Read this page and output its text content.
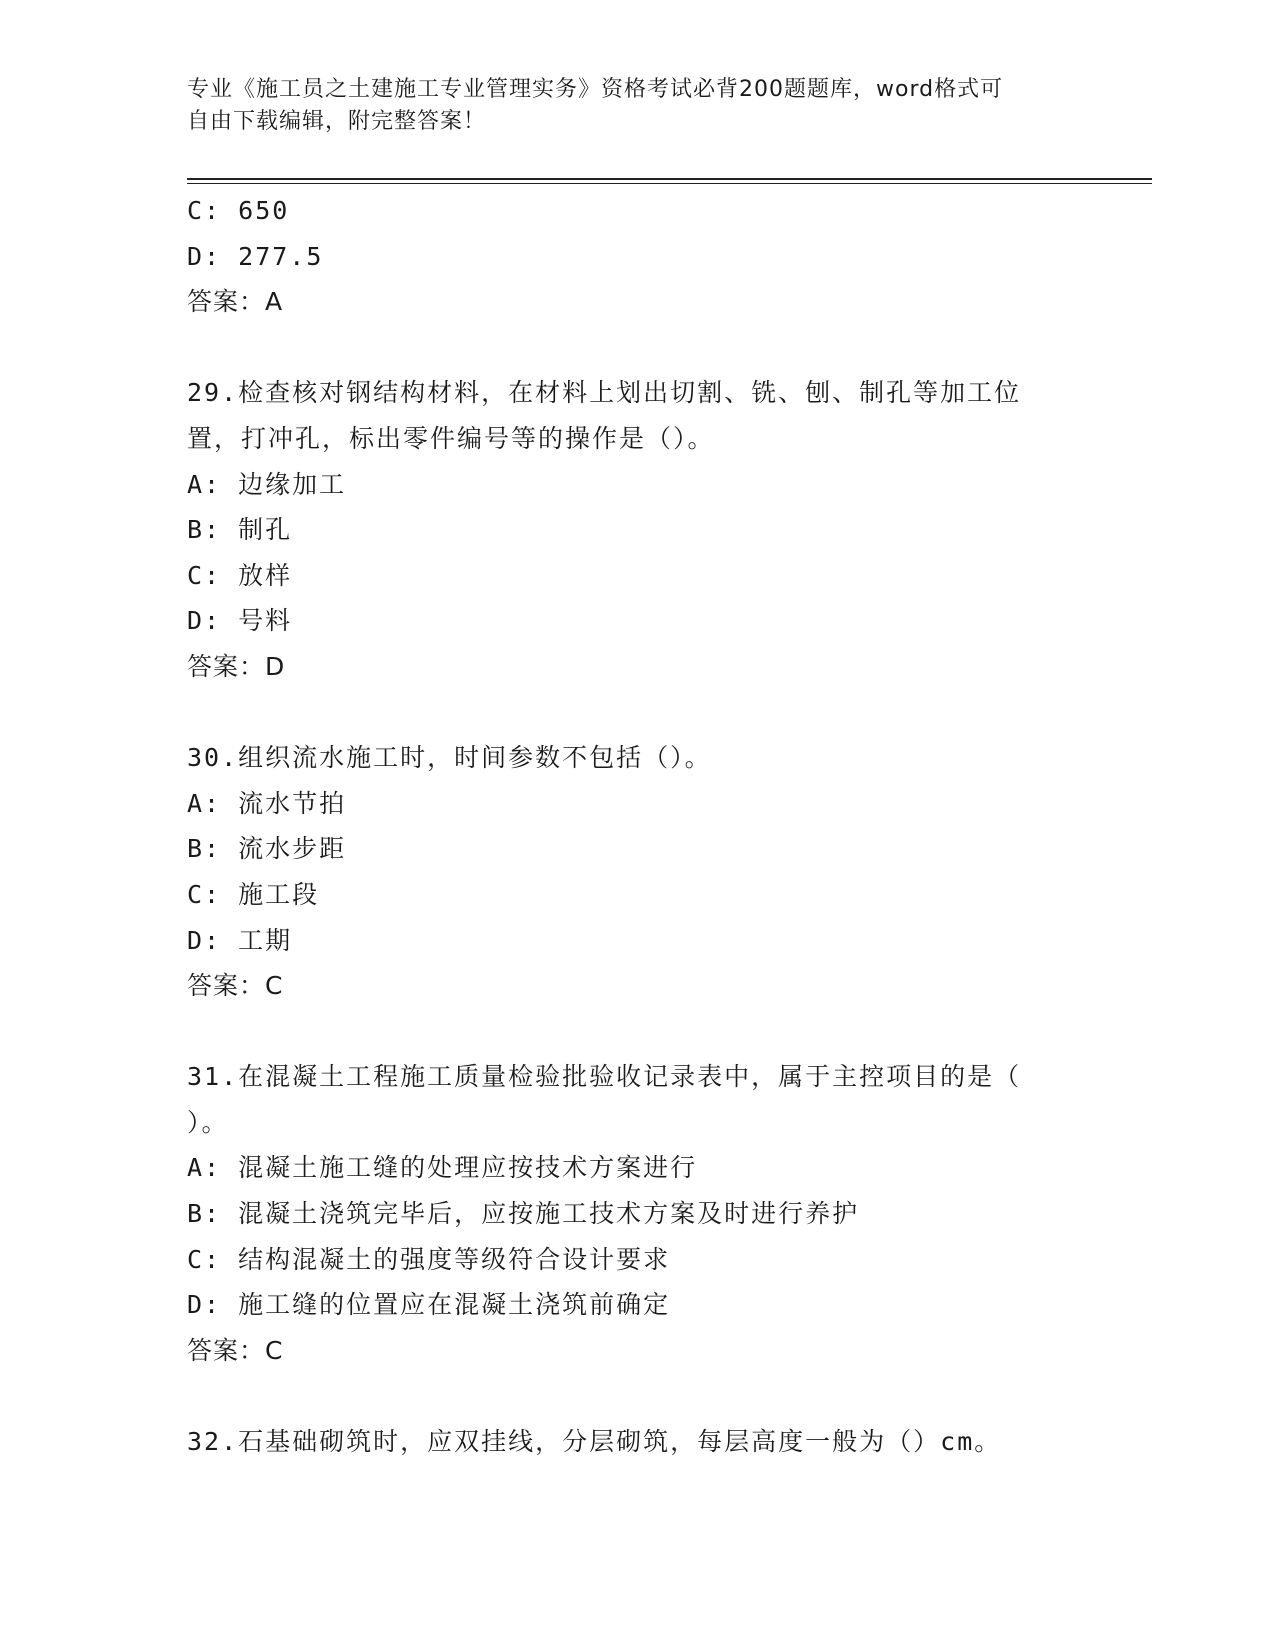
专业《施工员之土建施工专业管理实务》资格考试必背200题题库，word格式可
自由下载编辑，附完整答案！
C: 650
D: 277.5
答案：A
29.检查核对钢结构材料，在材料上划出切割、铣、刨、制孔等加工位
置，打冲孔，标出零件编号等的操作是（）。
A: 边缘加工
B: 制孔
C: 放样
D: 号料
答案：D
30.组织流水施工时，时间参数不包括（）。
A: 流水节拍
B: 流水步距
C: 施工段
D: 工期
答案：C
31.在混凝土工程施工质量检验批验收记录表中，属于主控项目的是（
）。
A: 混凝土施工缝的处理应按技术方案进行
B: 混凝土浇筑完毕后，应按施工技术方案及时进行养护
C: 结构混凝土的强度等级符合设计要求
D: 施工缝的位置应在混凝土浇筑前确定
答案：C
32.石基础砌筑时，应双挂线，分层砌筑，每层高度一般为（）cm。
